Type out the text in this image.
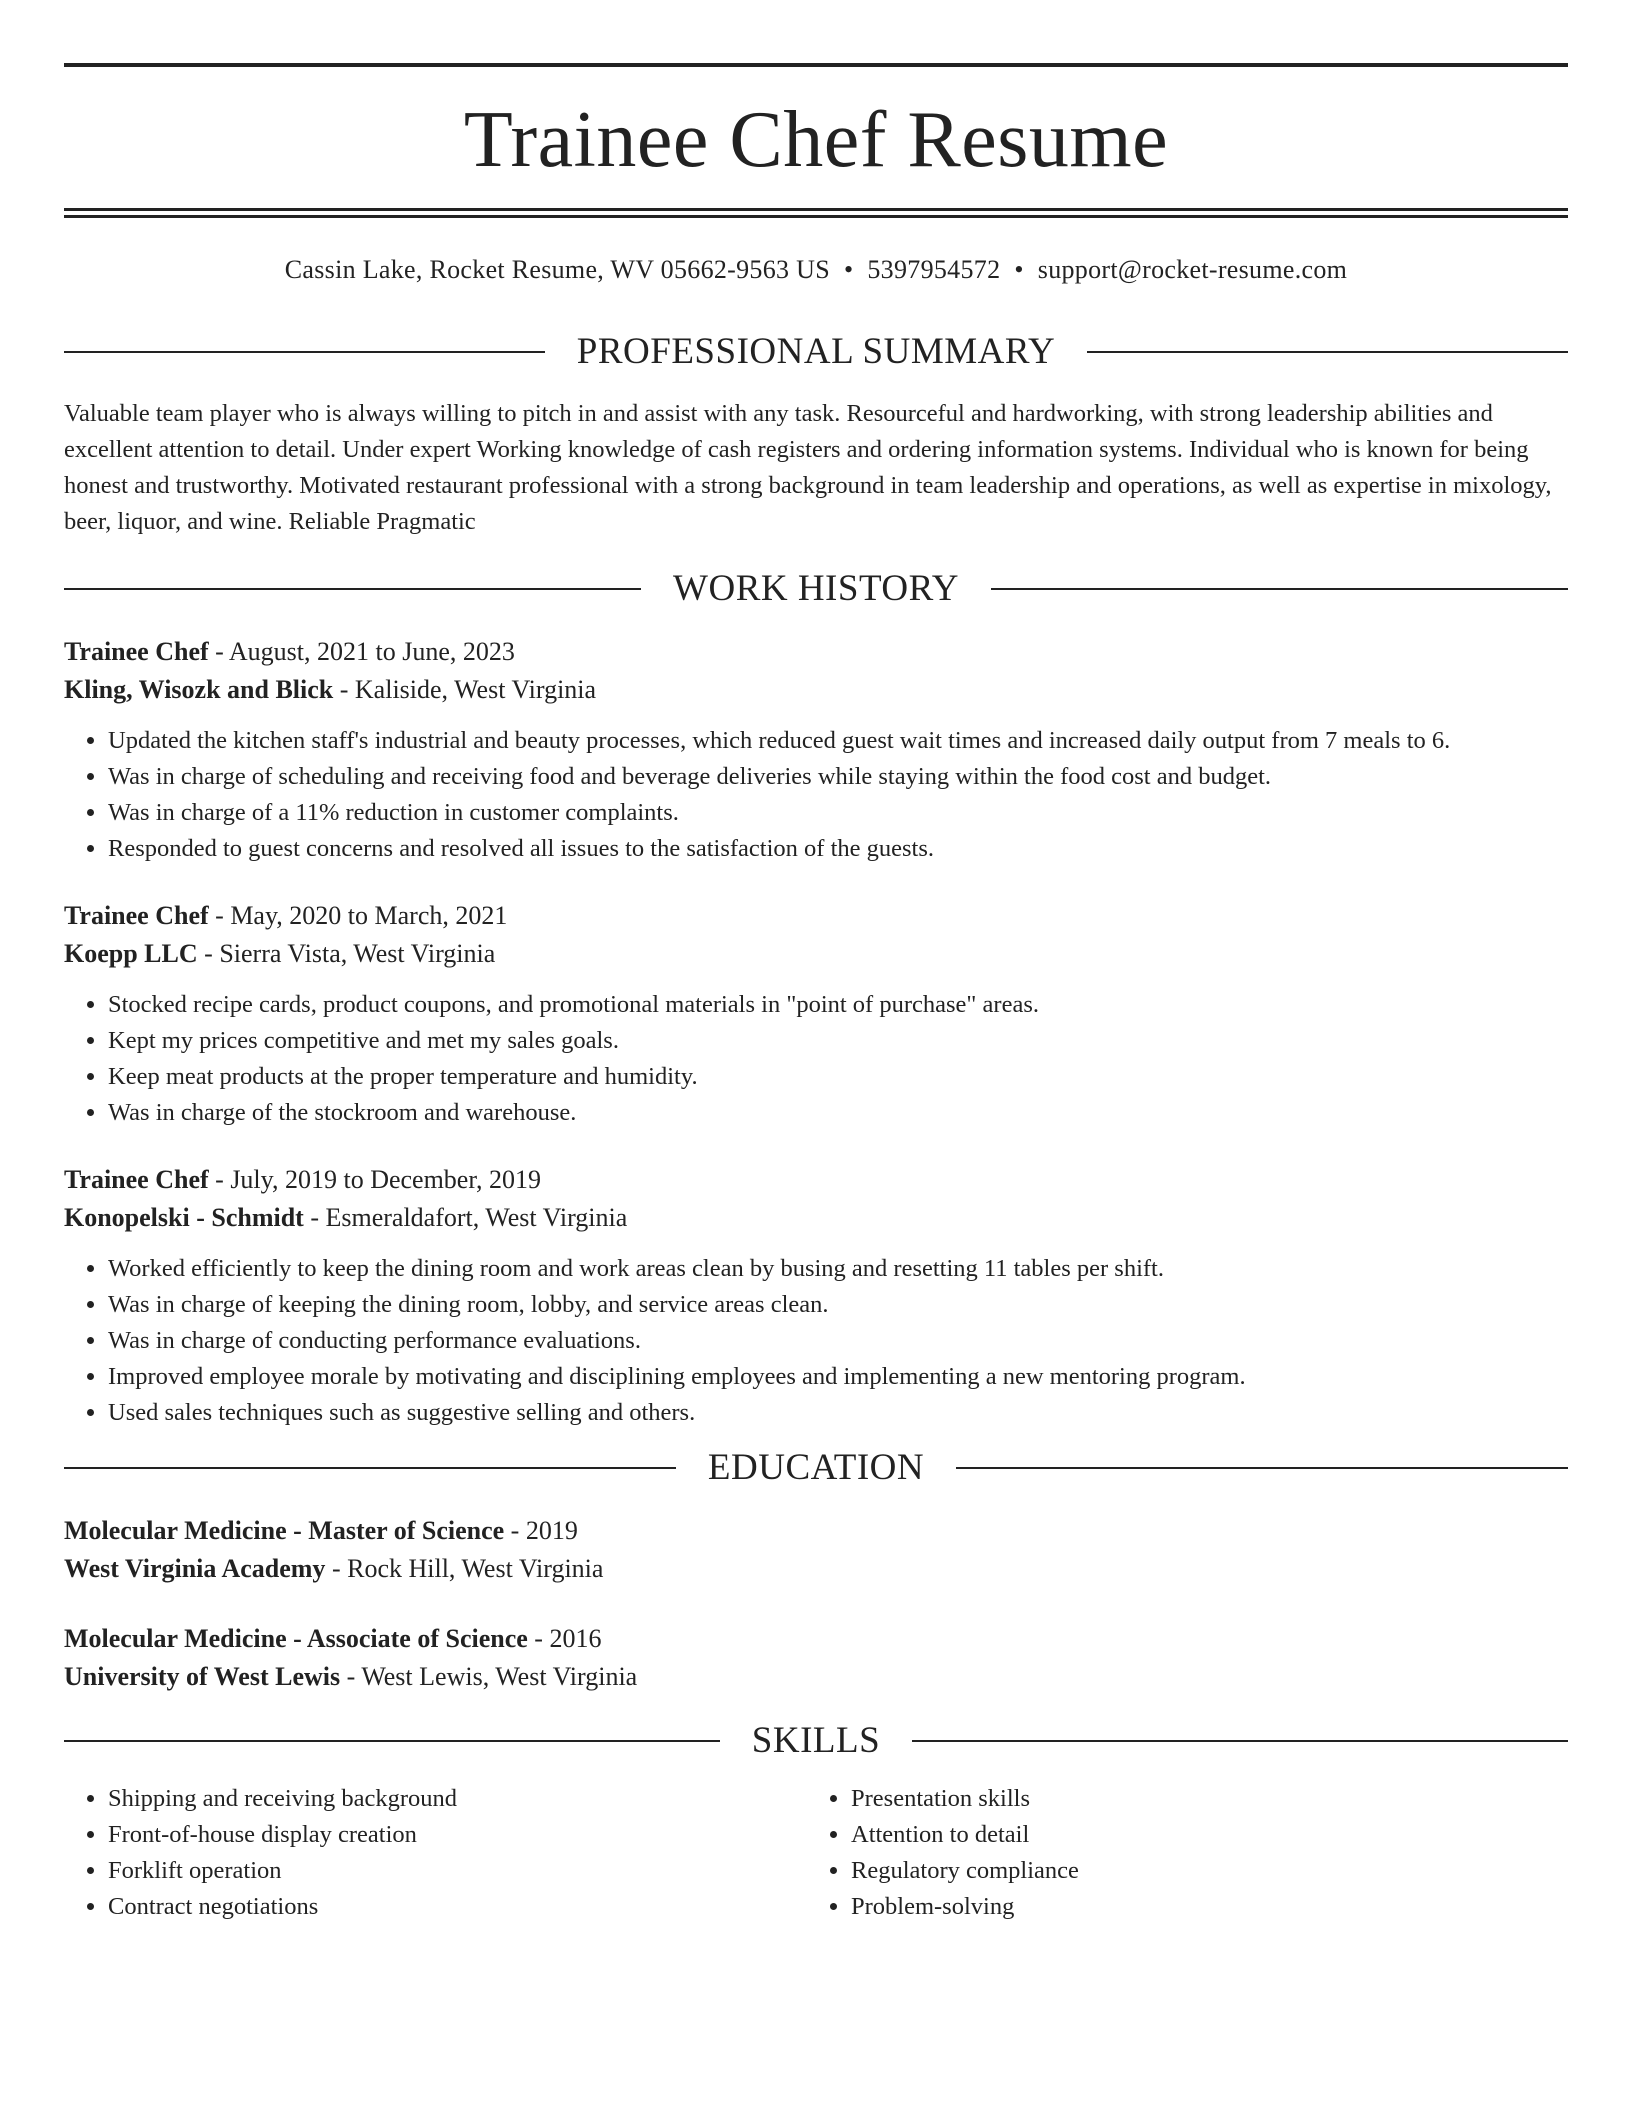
Trainee Chef Resume
Cassin Lake, Rocket Resume, WV 05662-9563 US • 5397954572 • support@rocket-resume.com
PROFESSIONAL SUMMARY
Valuable team player who is always willing to pitch in and assist with any task. Resourceful and hardworking, with strong leadership abilities and excellent attention to detail. Under expert Working knowledge of cash registers and ordering information systems. Individual who is known for being honest and trustworthy. Motivated restaurant professional with a strong background in team leadership and operations, as well as expertise in mixology, beer, liquor, and wine. Reliable Pragmatic
WORK HISTORY
Trainee Chef - August, 2021 to June, 2023
Kling, Wisozk and Blick - Kaliside, West Virginia
• Updated the kitchen staff's industrial and beauty processes, which reduced guest wait times and increased daily output from 7 meals to 6.
• Was in charge of scheduling and receiving food and beverage deliveries while staying within the food cost and budget.
• Was in charge of a 11% reduction in customer complaints.
• Responded to guest concerns and resolved all issues to the satisfaction of the guests.
Trainee Chef - May, 2020 to March, 2021
Koepp LLC - Sierra Vista, West Virginia
• Stocked recipe cards, product coupons, and promotional materials in "point of purchase" areas.
• Kept my prices competitive and met my sales goals.
• Keep meat products at the proper temperature and humidity.
• Was in charge of the stockroom and warehouse.
Trainee Chef - July, 2019 to December, 2019
Konopelski - Schmidt - Esmeraldafort, West Virginia
• Worked efficiently to keep the dining room and work areas clean by busing and resetting 11 tables per shift.
• Was in charge of keeping the dining room, lobby, and service areas clean.
• Was in charge of conducting performance evaluations.
• Improved employee morale by motivating and disciplining employees and implementing a new mentoring program.
• Used sales techniques such as suggestive selling and others.
EDUCATION
Molecular Medicine - Master of Science - 2019
West Virginia Academy - Rock Hill, West Virginia
Molecular Medicine - Associate of Science - 2016
University of West Lewis - West Lewis, West Virginia
SKILLS
• Shipping and receiving background
• Front-of-house display creation
• Forklift operation
• Contract negotiations
• Presentation skills
• Attention to detail
• Regulatory compliance
• Problem-solving
